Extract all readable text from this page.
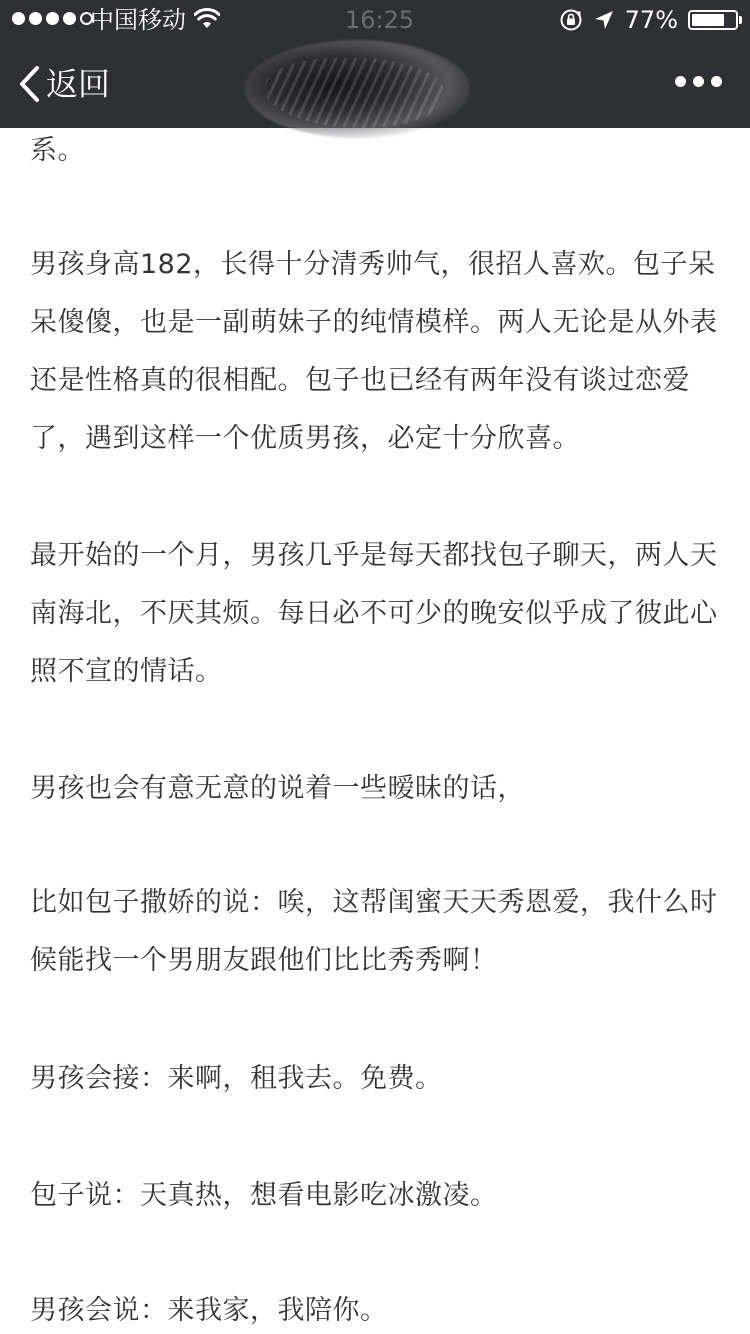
中国移动	16:25	77%
返回

系。

男孩身高182，长得十分清秀帅气，很招人喜欢。包子呆呆傻傻，也是一副萌妹子的纯情模样。两人无论是从外表还是性格真的很相配。包子也已经有两年没有谈过恋爱了，遇到这样一个优质男孩，必定十分欣喜。

最开始的一个月，男孩几乎是每天都找包子聊天，两人天南海北，不厌其烦。每日必不可少的晚安似乎成了彼此心照不宣的情话。

男孩也会有意无意的说着一些暧昧的话，

比如包子撒娇的说：唉，这帮闺蜜天天秀恩爱，我什么时候能找一个男朋友跟他们比比秀秀啊！

男孩会接：来啊，租我去。免费。

包子说：天真热，想看电影吃冰激凌。

男孩会说：来我家，我陪你。
